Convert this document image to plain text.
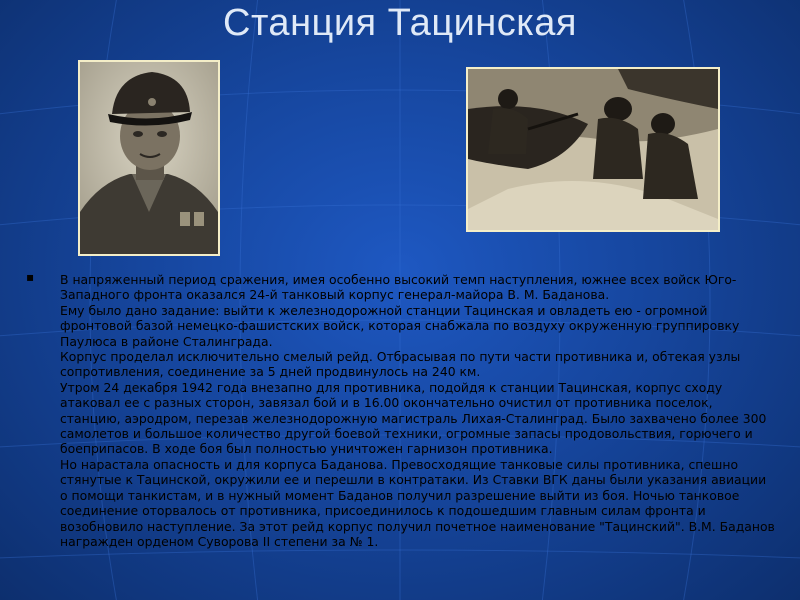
Станция Тацинская
▪	В напряженный период сражения, имея особенно высокий темп наступления, южнее всех войск Юго-Западного фронта оказался 24-й танковый корпус генерал-майора В. М. Баданова.

Ему было дано задание: выйти к железнодорожной станции Тацинская и овладеть ею - огромной фронтовой базой немецко-фашистских войск, которая снабжала по воздуху окруженную группировку Паулюса в районе Сталинграда.

Корпус проделал исключительно смелый рейд. Отбрасывая по пути части противника и, обтекая узлы сопротивления, соединение за 5 дней продвинулось на 240 км.

Утром 24 декабря 1942 года внезапно для противника, подойдя к станции Тацинская, корпус сходу атаковал ее с разных сторон, завязал бой и в 16.00 окончательно очистил от противника поселок, станцию, аэродром, перезав железнодорожную магистраль Лихая-Сталинград. Было захвачено более 300 самолетов и большое количество другой боевой техники, огромные запасы продовольствия, горючего и боеприпасов. В ходе боя был полностью уничтожен гарнизон противника.

Но нарастала опасность и для корпуса Баданова. Превосходящие танковые силы противника, спешно стянутые к Тацинской, окружили ее и перешли в контратаки. Из Ставки ВГК даны были указания авиации о помощи танкистам, и в нужный момент Баданов получил разрешение выйти из боя. Ночью танковое соединение оторвалось от противника, присоединилось к подошедшим главным силам фронта и возобновило наступление. За этот рейд корпус получил почетное наименование "Тацинский". В.М. Баданов награжден орденом Суворова II степени за № 1.
